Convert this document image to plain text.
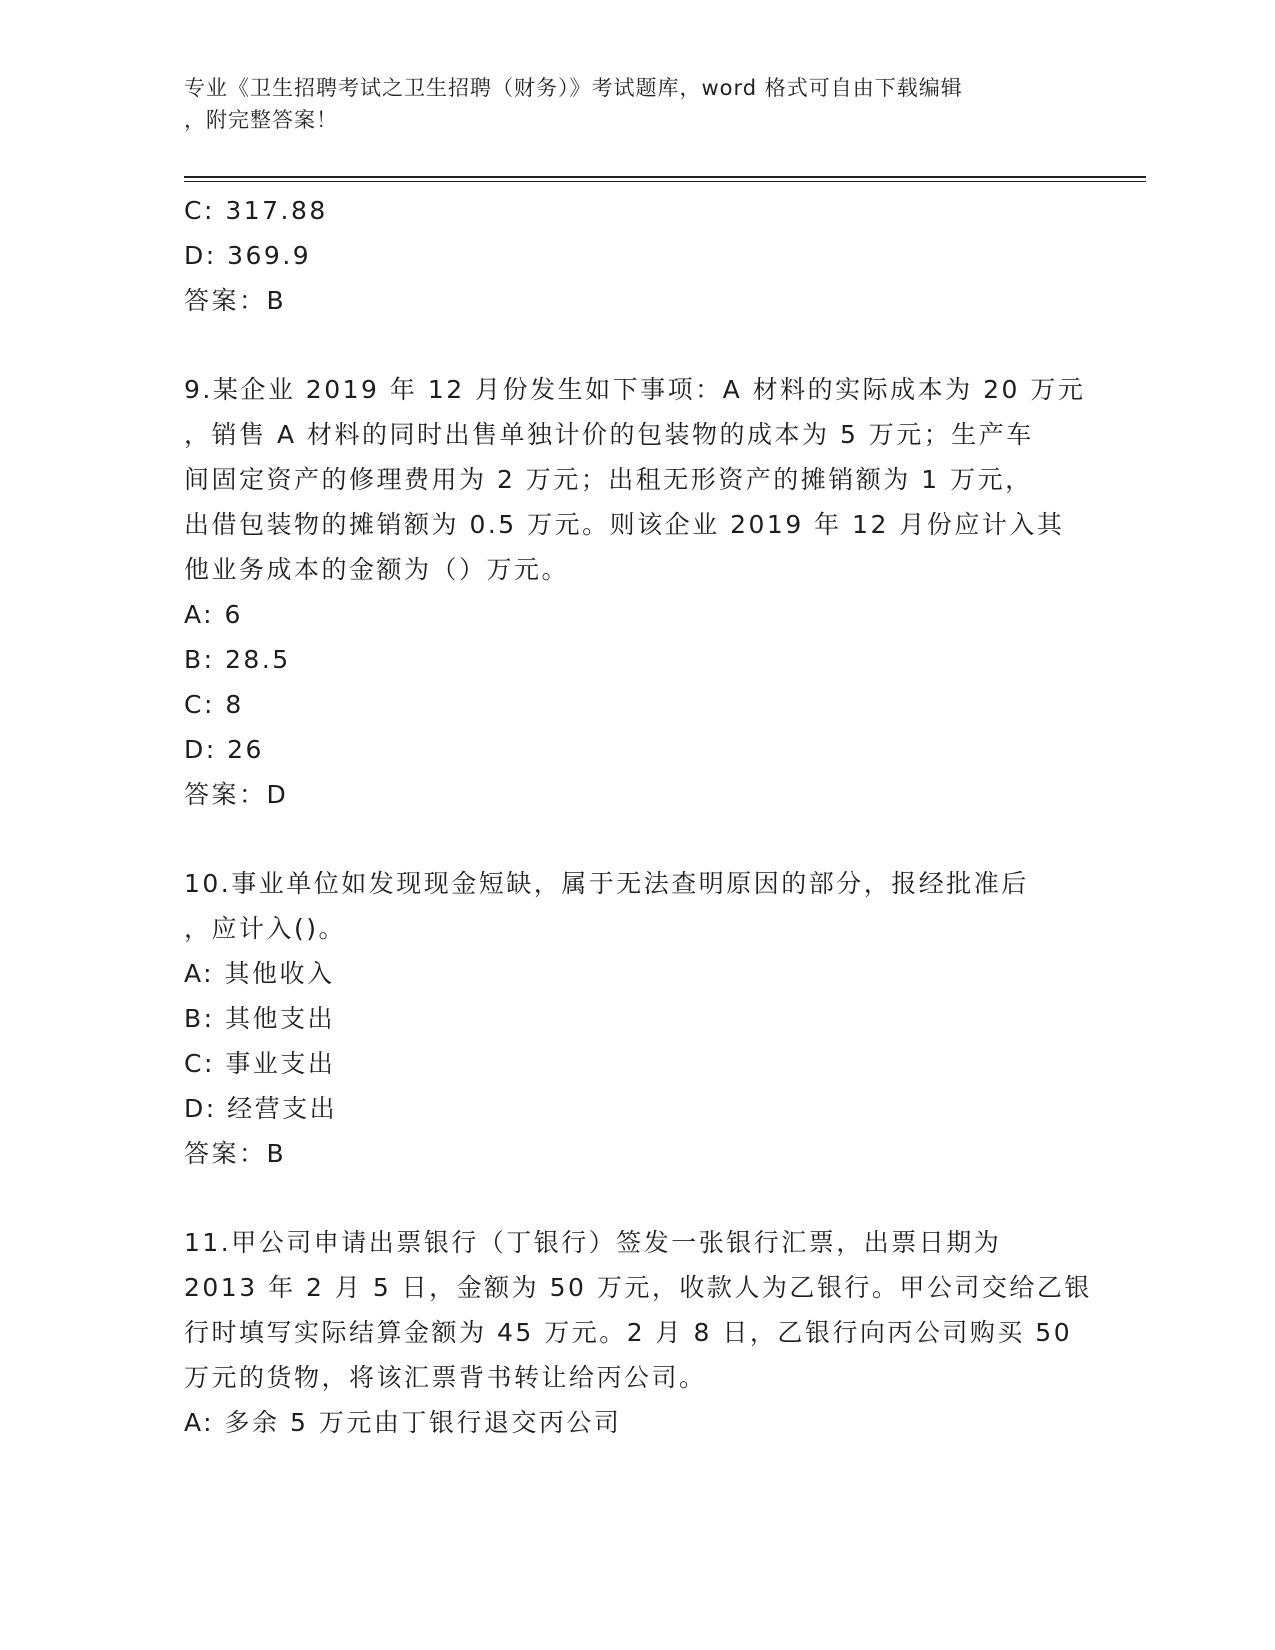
专业《卫生招聘考试之卫生招聘（财务）》考试题库，word 格式可自由下载编辑
，附完整答案！
C: 317.88
D: 369.9
答案：B
9.某企业 2019 年 12 月份发生如下事项：A 材料的实际成本为 20 万元
，销售 A 材料的同时出售单独计价的包装物的成本为 5 万元；生产车
间固定资产的修理费用为 2 万元；出租无形资产的摊销额为 1 万元，
出借包装物的摊销额为 0.5 万元。则该企业 2019 年 12 月份应计入其
他业务成本的金额为（）万元。
A: 6
B: 28.5
C: 8
D: 26
答案：D
10.事业单位如发现现金短缺，属于无法查明原因的部分，报经批准后
，应计入()。
A: 其他收入
B: 其他支出
C: 事业支出
D: 经营支出
答案：B
11.甲公司申请出票银行（丁银行）签发一张银行汇票，出票日期为
2013 年 2 月 5 日，金额为 50 万元，收款人为乙银行。甲公司交给乙银
行时填写实际结算金额为 45 万元。2 月 8 日，乙银行向丙公司购买 50
万元的货物，将该汇票背书转让给丙公司。
A: 多余 5 万元由丁银行退交丙公司
